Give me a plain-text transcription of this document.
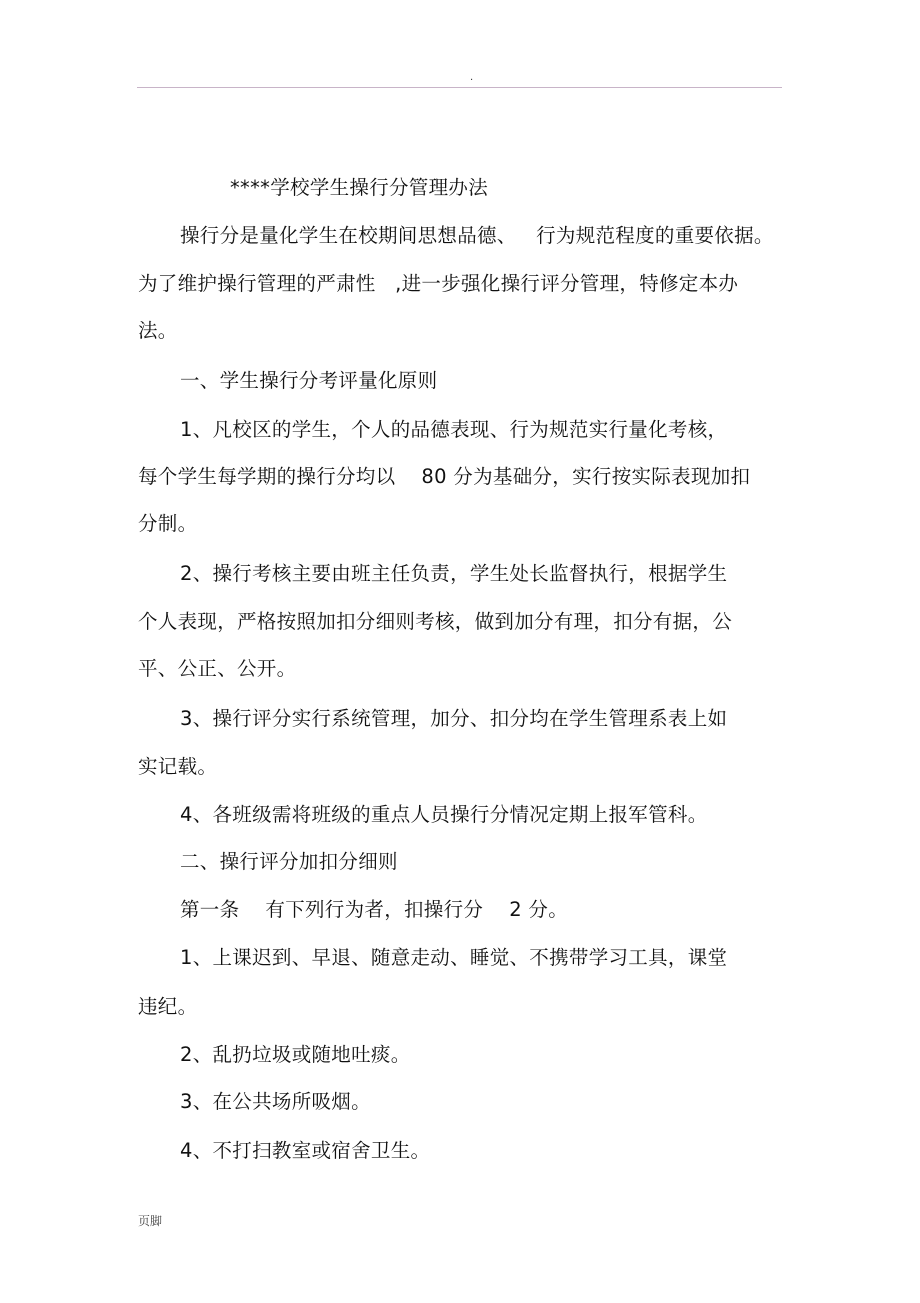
.
****学校学生操行分管理办法
操行分是量化学生在校期间思想品德、   行为规范程度的重要依据。
为了维护操行管理的严肃性   ,进一步强化操行评分管理，特修定本办
法。
一、学生操行分考评量化原则
1、凡校区的学生，个人的品德表现、行为规范实行量化考核，
每个学生每学期的操行分均以    80 分为基础分，实行按实际表现加扣
分制。
2、操行考核主要由班主任负责，学生处长监督执行，根据学生
个人表现，严格按照加扣分细则考核，做到加分有理，扣分有据，公
平、公正、公开。
3、操行评分实行系统管理，加分、扣分均在学生管理系表上如
实记载。
4、各班级需将班级的重点人员操行分情况定期上报军管科。
二、操行评分加扣分细则
第一条    有下列行为者，扣操行分    2 分。
1、上课迟到、早退、随意走动、睡觉、不携带学习工具，课堂
违纪。
2、乱扔垃圾或随地吐痰。
3、在公共场所吸烟。
4、不打扫教室或宿舍卫生。
页脚
